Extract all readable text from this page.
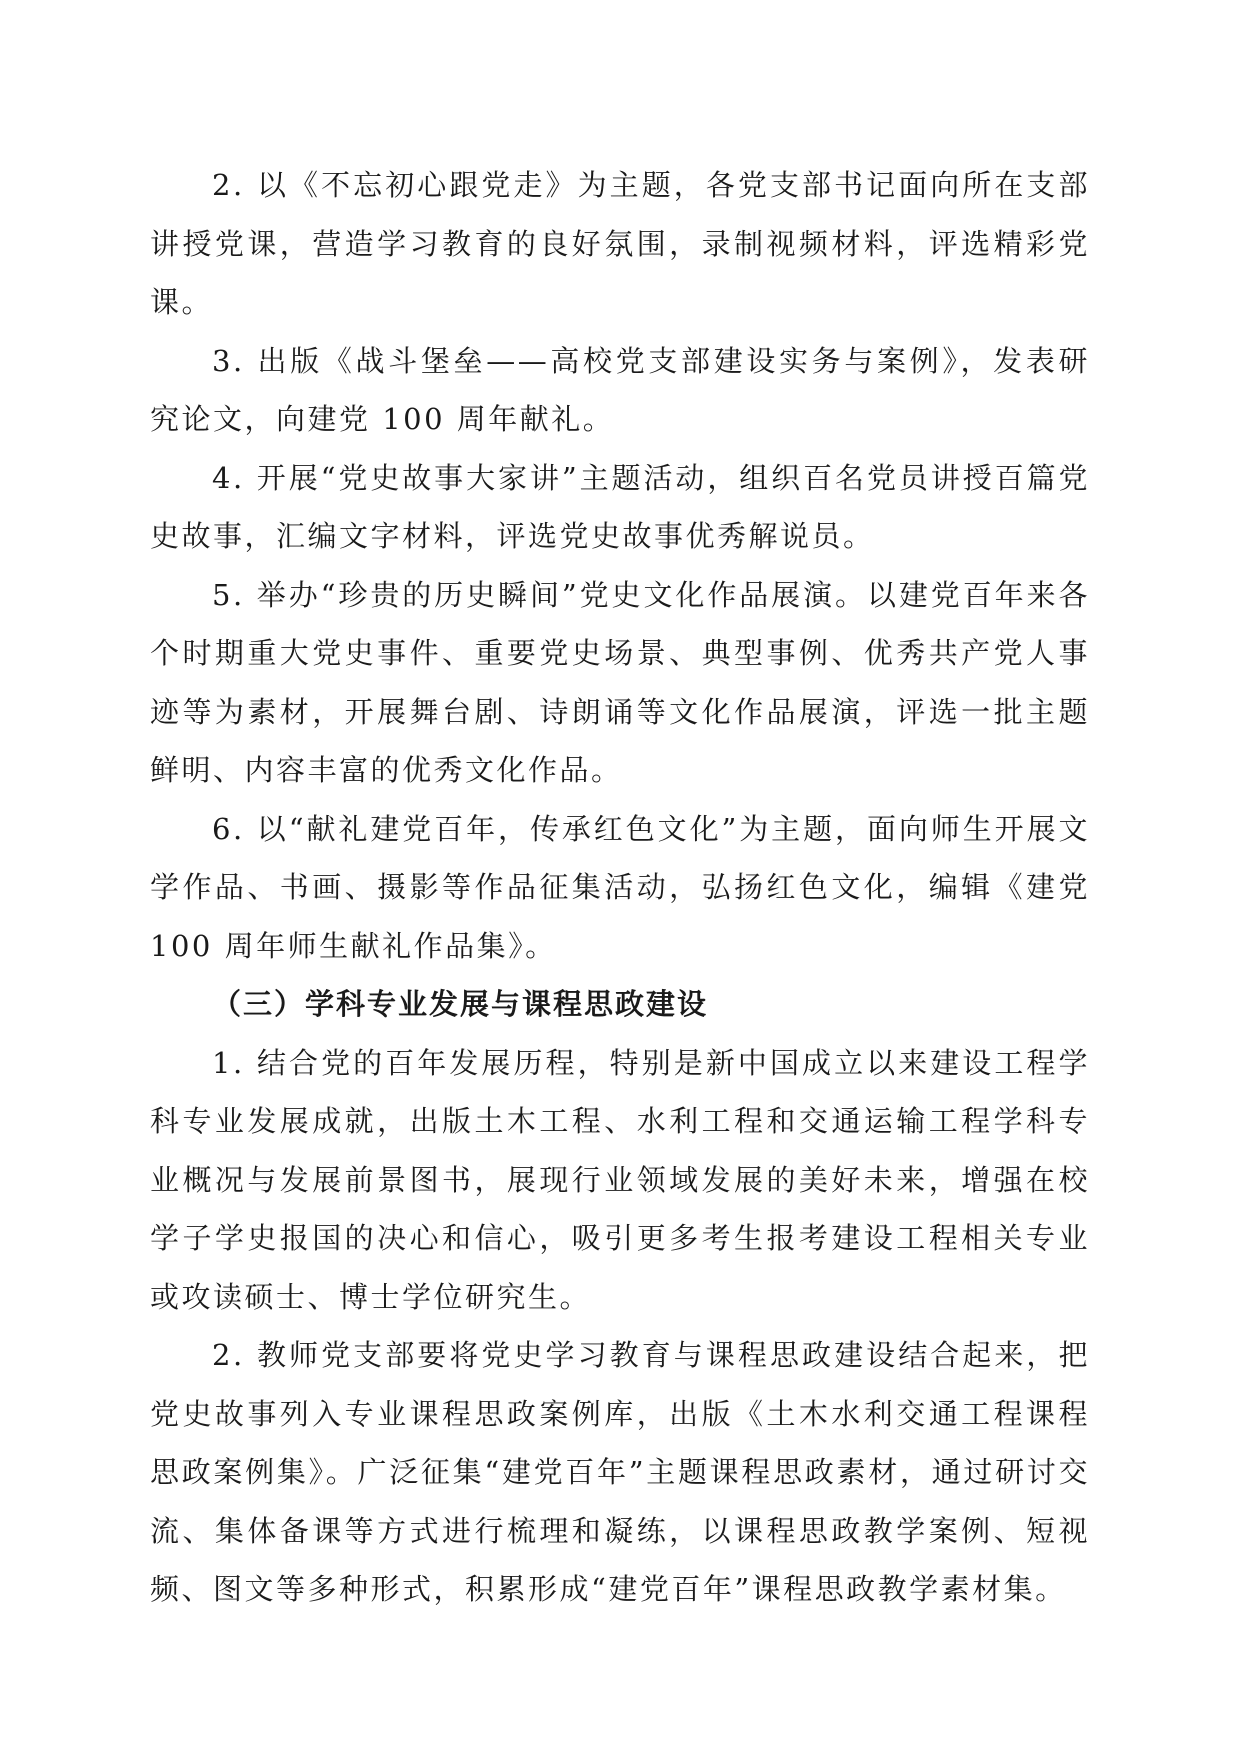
2. 以《不忘初心跟党走》为主题，各党支部书记面向所在支部讲授党课，营造学习教育的良好氛围，录制视频材料，评选精彩党课。

3. 出版《战斗堡垒——高校党支部建设实务与案例》，发表研究论文，向建党 100 周年献礼。

4. 开展“党史故事大家讲”主题活动，组织百名党员讲授百篇党史故事，汇编文字材料，评选党史故事优秀解说员。

5. 举办“珍贵的历史瞬间”党史文化作品展演。以建党百年来各个时期重大党史事件、重要党史场景、典型事例、优秀共产党人事迹等为素材，开展舞台剧、诗朗诵等文化作品展演，评选一批主题鲜明、内容丰富的优秀文化作品。

6. 以“献礼建党百年，传承红色文化”为主题，面向师生开展文学作品、书画、摄影等作品征集活动，弘扬红色文化，编辑《建党 100 周年师生献礼作品集》。

（三）学科专业发展与课程思政建设

1. 结合党的百年发展历程，特别是新中国成立以来建设工程学科专业发展成就，出版土木工程、水利工程和交通运输工程学科专业概况与发展前景图书，展现行业领域发展的美好未来，增强在校学子学史报国的决心和信心，吸引更多考生报考建设工程相关专业或攻读硕士、博士学位研究生。

2. 教师党支部要将党史学习教育与课程思政建设结合起来，把党史故事列入专业课程思政案例库，出版《土木水利交通工程课程思政案例集》。广泛征集“建党百年”主题课程思政素材，通过研讨交流、集体备课等方式进行梳理和凝练，以课程思政教学案例、短视频、图文等多种形式，积累形成“建党百年”课程思政教学素材集。
